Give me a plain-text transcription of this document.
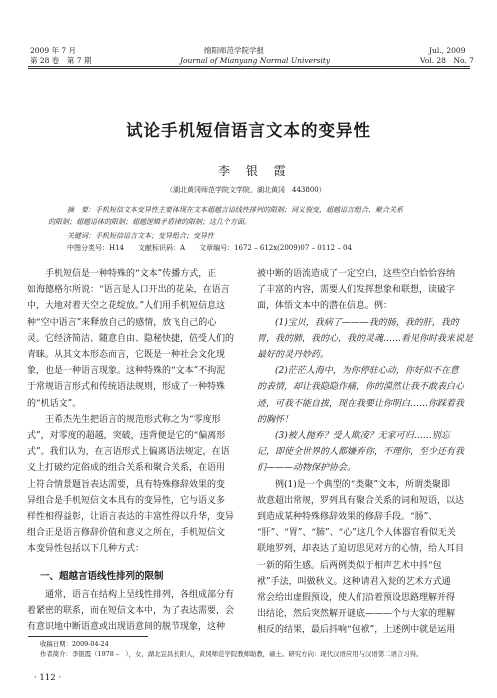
2009 年 7 月
第 28 卷　第 7 期
绵阳师范学院学报
Journal of Mianyang Normal University
Jul., 2009
Vol. 28　No. 7
试论手机短信语言文本的变异性
李 银 霞
（湖北黄冈师范学院文学院，湖北黄冈　443800）
摘　要：手机短信文本变异性主要体现在文本超越言语线性排列的限制；词义裂变，超越语言组合、聚合关系
的限制；超越语体的限制；超越逻辑矛盾律的限制；这几个方面。
关键词：手机短信语言文本；变异组合；变异性
中图分类号：H14　　文献标识码：A　　文章编号：1672 – 612x(2009)07 – 0112 – 04

　　手机短信是一种特殊的“文本”传播方式，正

如海德格尔所说：“语言是人口开出的花朵，在语言

中，大地对着天空之花绽放。”人们用手机短信息这

种“空中语言”来释放自己的感情，放飞自己的心

灵。它经济简洁、随意自由、隐秘快捷，倍受人们的

青睐。从其文本形态而言，它既是一种社会文化现

象，也是一种语言现象。这种特殊的“文本”不拘泥

于常规语言形式和传统语法规则，形成了一种特殊

的“机话文”。

　　王希杰先生把语言的规范形式称之为“零度形

式”，对零度的超越，突破，违背便是它的“偏离形

式”。我们认为，在言语形式上偏离语法规定，在语

义上打破约定俗成的组合关系和聚合关系，在语用

上符合情景题旨表达需要，具有特殊修辞效果的变

异组合是手机短信文本具有的变异性，它与语义多

样性相得益彰，让语言表达的丰富性得以升华，变异

组合正是语言修辞价值和意义之所在，手机短信文

本变异性包括以下几种方式：

一、超越言语线性排列的限制

　　通常，语言在结构上呈线性排列，各组成部分有

着紧密的联系，而在短信文本中，为了表达需要，会

有意识地中断语意或出现语意间的脱节现象，这种

被中断的语流造成了一定空白，这些空白恰恰容纳

了丰富的内容，需要人们发挥想象和联想，读破字

面，体悟文本中的潜在信息。例：

　　(1)宝贝，我病了———我的肠，我的肝，我的

胃，我的肺，我的心，我的灵魂……看见你时我来说是

最好的灵丹妙药。

　　(2)茫茫人海中，为你停驻心动，你好似不在意

的表情，却让我隐隐作痛，你的漠然让我不敢表白心

迹，可我不能自拔，现在我要让你明白……你踩着我

的胸怀！

　　(3)被人抛弃？受人欺凌？无家可归……别忘

记，即使全世界的人都嫌弃你，不理你，至少还有我

们———动物保护协会。

　　例(1)是一个典型的“类聚”文本，所谓类聚即

故意超出常规，罗列具有聚合关系的词和短语，以达

到造成某种特殊修辞效果的修辞手段。“肠”、

“肝”、“胃”、“肺”、“心”这几个人体器官看似无关

联地罗列，却表达了迫切思见对方的心情，给人耳目

一新的陌生感。后两例类似于相声艺术中抖“包

袱”手法，叫做秋义。这种请君入瓮的艺术方式通

常会给出虚假预设，使人们沿着预设思路理解并得

出结论，然后突然解开谜底———个与大家的理解

相反的结果，最后抖响“包袱”，上述例中就是运用

收稿日期：2009-04-24
作者简介：李银霞（1978 –　），女，湖北宜昌长阳人，黄冈师范学院教师助教，硕士。研究方向：现代汉语应用与汉语第二语言习得。
· 112 ·
